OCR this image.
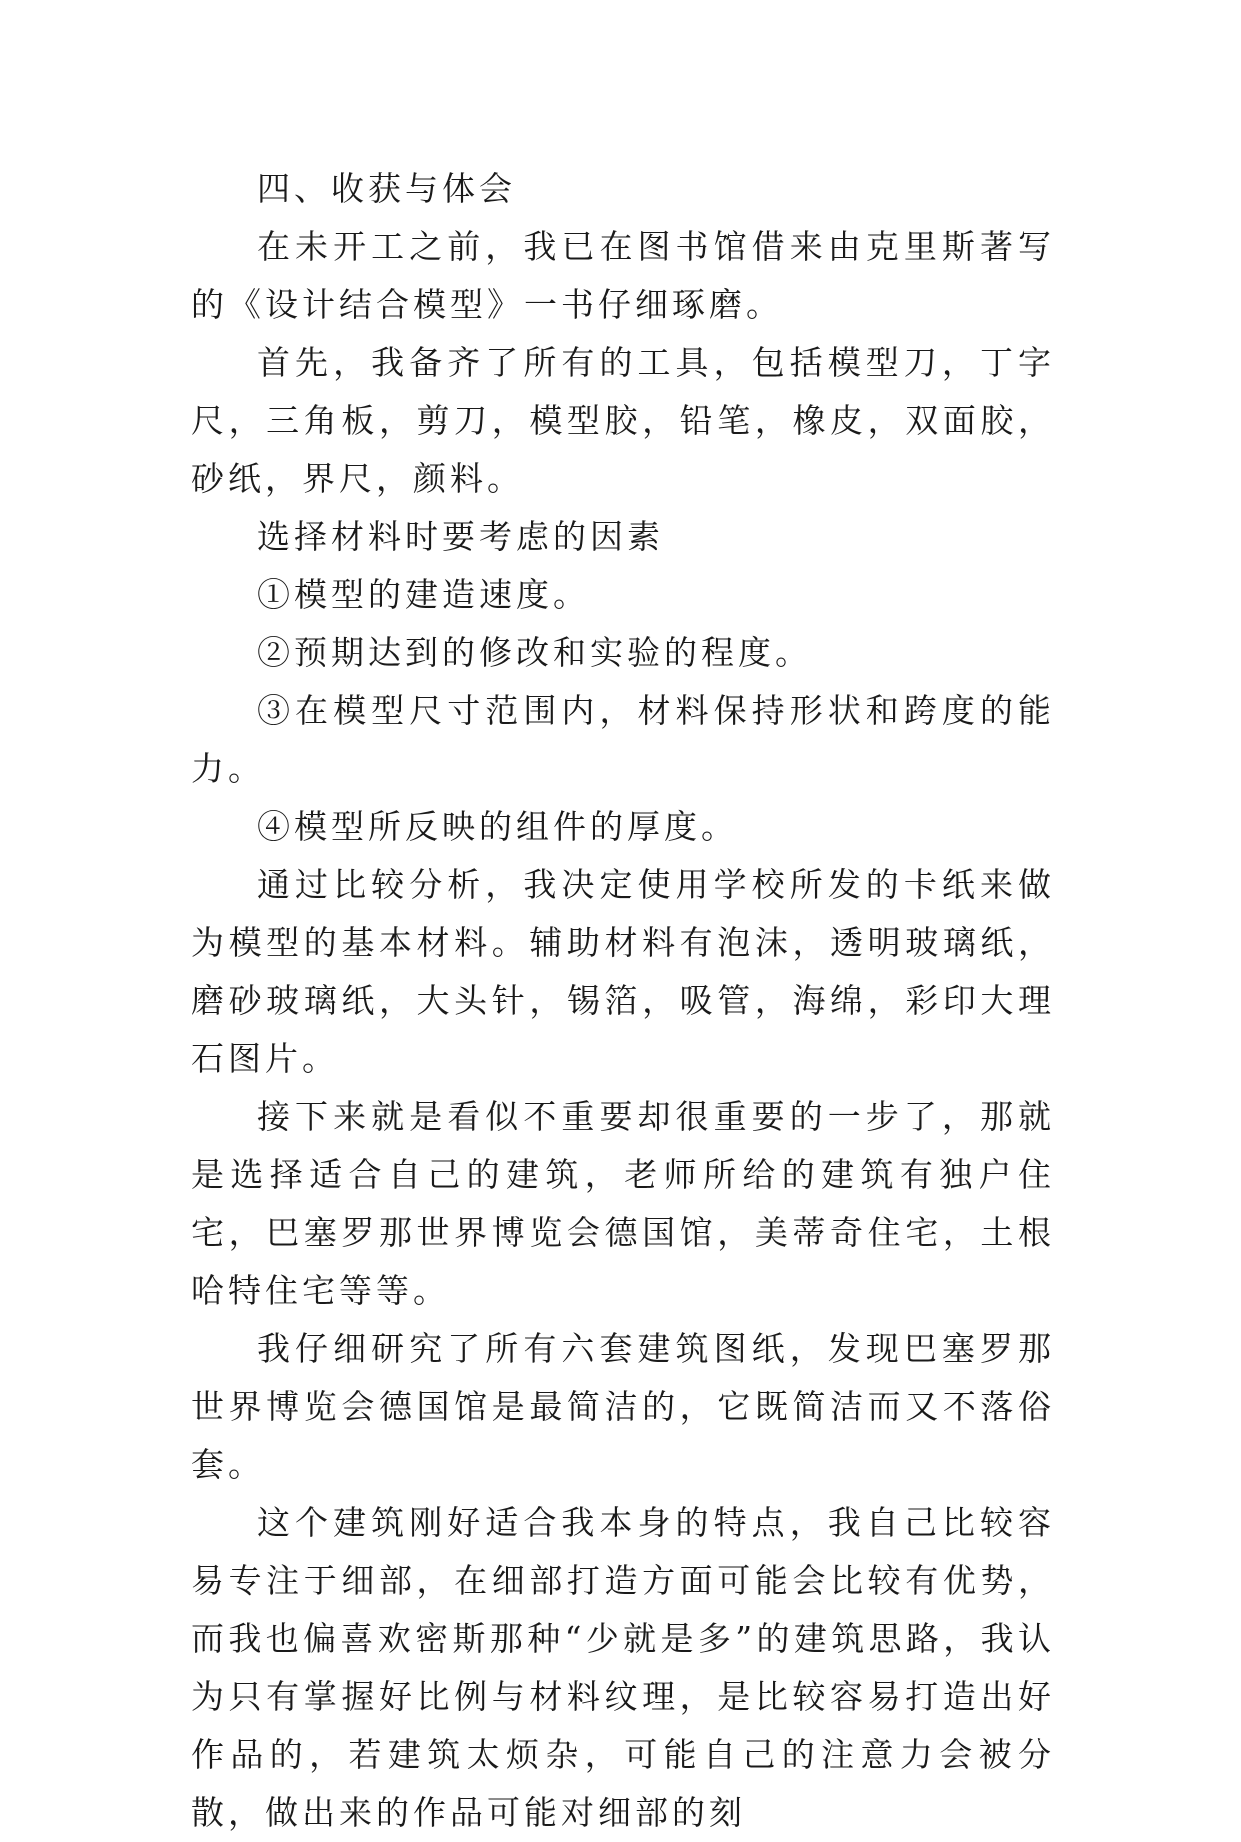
四、收获与体会

在未开工之前，我已在图书馆借来由克里斯著写的《设计结合模型》一书仔细琢磨。

首先，我备齐了所有的工具，包括模型刀，丁字尺，三角板，剪刀，模型胶，铅笔，橡皮，双面胶，砂纸，界尺，颜料。

选择材料时要考虑的因素

①模型的建造速度。

②预期达到的修改和实验的程度。

③在模型尺寸范围内，材料保持形状和跨度的能力。

④模型所反映的组件的厚度。

通过比较分析，我决定使用学校所发的卡纸来做为模型的基本材料。辅助材料有泡沫，透明玻璃纸，磨砂玻璃纸，大头针，锡箔，吸管，海绵，彩印大理石图片。

接下来就是看似不重要却很重要的一步了，那就是选择适合自己的建筑，老师所给的建筑有独户住宅，巴塞罗那世界博览会德国馆，美蒂奇住宅，土根哈特住宅等等。

我仔细研究了所有六套建筑图纸，发现巴塞罗那世界博览会德国馆是最简洁的，它既简洁而又不落俗套。

这个建筑刚好适合我本身的特点，我自己比较容易专注于细部，在细部打造方面可能会比较有优势，而我也偏喜欢密斯那种“少就是多”的建筑思路，我认为只有掌握好比例与材料纹理，是比较容易打造出好作品的，若建筑太烦杂，可能自己的注意力会被分散，做出来的作品可能对细部的刻
